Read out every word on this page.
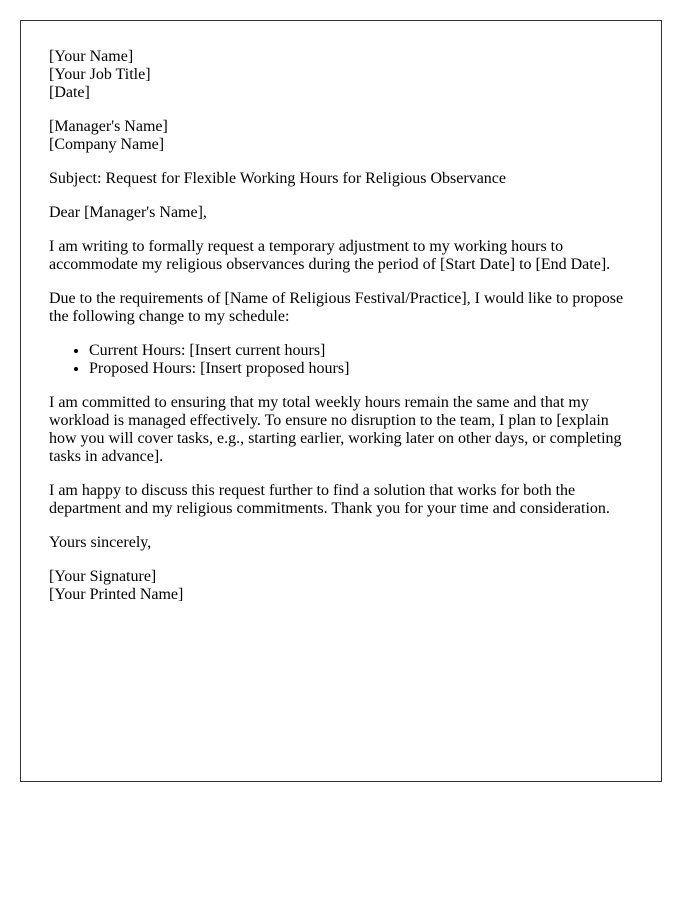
[Your Name]
[Your Job Title]
[Date]

[Manager's Name]
[Company Name]

Subject: Request for Flexible Working Hours for Religious Observance

Dear [Manager's Name],

I am writing to formally request a temporary adjustment to my working hours to accommodate my religious observances during the period of [Start Date] to [End Date].

Due to the requirements of [Name of Religious Festival/Practice], I would like to propose the following change to my schedule:

• Current Hours: [Insert current hours]
• Proposed Hours: [Insert proposed hours]

I am committed to ensuring that my total weekly hours remain the same and that my workload is managed effectively. To ensure no disruption to the team, I plan to [explain how you will cover tasks, e.g., starting earlier, working later on other days, or completing tasks in advance].

I am happy to discuss this request further to find a solution that works for both the department and my religious commitments. Thank you for your time and consideration.

Yours sincerely,

[Your Signature]
[Your Printed Name]
